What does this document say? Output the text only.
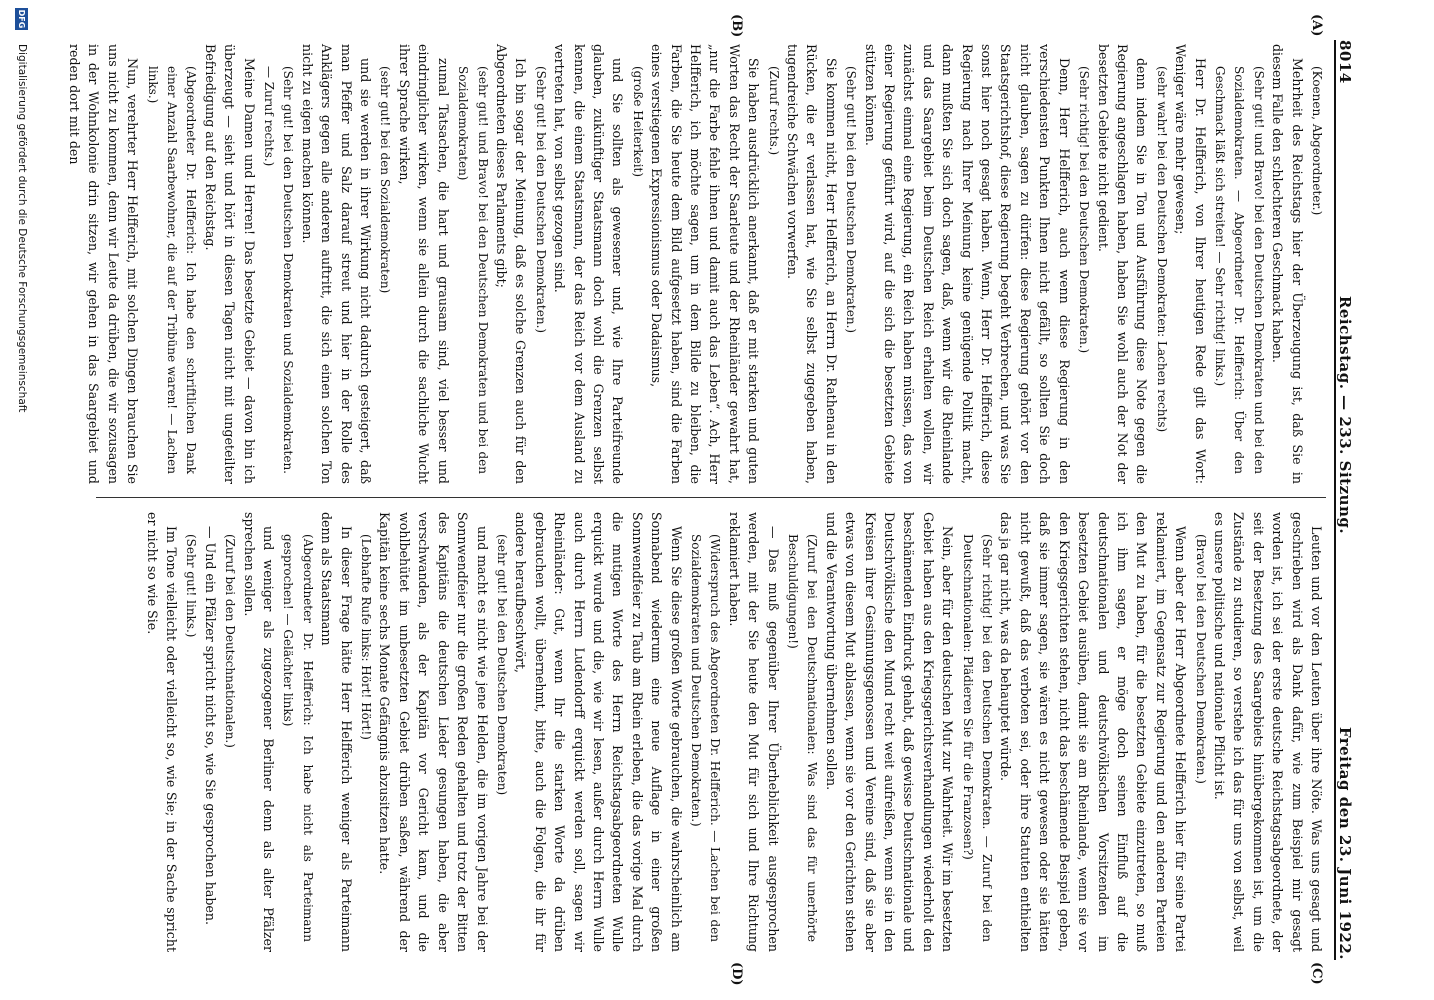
8014
Reichstag. — 233. Sitzung.
Freitag den 23. Juni 1922.
(A)
(B)
(C)
(D)

(Koenen, Abgeordneter.)

Mehrheit des Reichstags hier der Überzeugung ist, daß Sie in diesem Falle den schlechteren Geschmack haben.

(Sehr gut! und Bravo! bei den Deutschen Demokraten und bei den Sozialdemokraten. — Abgeordneter Dr. Helfferich: Über den Geschmack läßt sich streiten! — Sehr richtig! links.)

Herr Dr. Helfferich, von Ihrer heutigen Rede gilt das Wort: Weniger wäre mehr gewesen;

(sehr wahr! bei den Deutschen Demokraten: Lachen rechts)

denn indem Sie in Ton und Ausführung diese Note gegen die Regierung angeschlagen haben, haben Sie wohl auch der Not der besetzten Gebiete nicht gedient.

(Sehr richtig! bei den Deutschen Demokraten.)

Denn, Herr Helfferich, auch wenn diese Regierung in den verschiedensten Punkten Ihnen nicht gefällt, so sollten Sie doch nicht glauben, sagen zu dürfen: diese Regierung gehört vor den Staatsgerichtshof, diese Regierung begeht Verbrechen, und was Sie sonst hier noch gesagt haben. Wenn, Herr Dr. Helfferich, diese Regierung nach Ihrer Meinung keine genügende Politik macht, dann mußten Sie sich doch sagen, daß, wenn wir die Rheinlande und das Saargebiet beim Deutschen Reich erhalten wollen, wir zunächst einmal eine Regierung, ein Reich haben müssen, das von einer Regierung geführt wird, auf die sich die besetzten Gebiete stützen können.

(Sehr gut! bei den Deutschen Demokraten.)

Sie kommen nicht, Herr Helfferich, an Herrn Dr. Rathenau in den Rücken, die er verlassen hat, wie Sie selbst zugegeben haben, tugendreiche Schwächen vorwerfen.

(Zuruf rechts.)

Sie haben ausdrücklich anerkannt, daß er mit starken und guten Worten das Recht der Saarleute und der Rheinländer gewahrt hat, „nur die Farbe fehle ihnen und damit auch das Leben“. Ach, Herr Helfferich, ich möchte sagen, um in dem Bilde zu bleiben, die Farben, die Sie heute dem Bild aufgesetzt haben, sind die Farben eines verstiegenen Expressionismus oder Dadaismus,

(große Heiterkeit)

und Sie sollten als gewesener und, wie Ihre Parteifreunde glauben, zukünftiger Staatsmann doch wohl die Grenzen selbst kennen, die einem Staatsmann, der das Reich vor dem Ausland zu vertreten hat, von selbst gezogen sind.

(Sehr gut! bei den Deutschen Demokraten.)

Ich bin sogar der Meinung, daß es solche Grenzen auch für den Abgeordneten dieses Parlaments gibt;

(sehr gut! und Bravo! bei den Deutschen Demokraten und bei den Sozialdemokraten)

zumal Tatsachen, die hart und grausam sind, viel besser und eindringlicher wirken, wenn sie allein durch die sachliche Wucht ihrer Sprache wirken,

(sehr gut! bei den Sozialdemokraten)

und sie werden in ihrer Wirkung nicht dadurch gesteigert, daß man Pfeffer und Salz darauf streut und hier in der Rolle des Anklägers gegen alle anderen auftritt, die sich einen solchen Ton nicht zu eigen machen können.

(Sehr gut! bei den Deutschen Demokraten und Sozialdemokraten. — Zuruf rechts.)

Meine Damen und Herren! Das besetzte Gebiet — davon bin ich überzeugt — sieht und hört in diesen Tagen nicht mit ungeteilter Befriedigung auf den Reichstag.

(Abgeordneter Dr. Helfferich: Ich habe den schriftlichen Dank einer Anzahl Saarbewohner, die auf der Tribüne waren! — Lachen links.)

Nun, verehrter Herr Helfferich, mit solchen Dingen brauchen Sie uns nicht zu kommen, denn wir Leute da drüben, die wir sozusagen in der Wohnkolonie drin sitzen, wir gehen in das Saargebiet und reden dort mit den

Leuten und vor den Leuten über ihre Nöte. Was uns gesagt und geschrieben wird als Dank dafür, wie zum Beispiel mir gesagt worden ist, ich sei der erste deutsche Reichstagsabgeordnete, der seit der Besetzung des Saargebiets hinübergekommen ist, um die Zustände zu studieren, so verstehe ich das für uns von selbst, weil es unsere politische und nationale Pflicht ist.

(Bravo! bei den Deutschen Demokraten.)

Wenn aber der Herr Abgeordnete Helfferich hier für seine Partei reklamiert, im Gegensatz zur Regierung und den anderen Parteien den Mut zu haben, für die besetzten Gebiete einzutreten, so muß ich ihm sagen, er möge doch seinen Einfluß auf die deutschnationalen und deutschvölkischen Vorsitzenden im besetzten Gebiet ausüben, damit sie am Rheinlande, wenn sie vor den Kriegsgerichten stehen, nicht das beschämende Beispiel geben, daß sie immer sagen, sie wären es nicht gewesen oder sie hätten nicht gewußt, daß das verboten sei, oder ihre Statuten enthielten das ja gar nicht, was da behauptet würde.

(Sehr richtig! bei den Deutschen Demokraten. — Zuruf bei den Deutschnationalen: Plädieren Sie für die Franzosen?)

Nein, aber für den deutschen Mut zur Wahrheit. Wir im besetzten Gebiet haben aus den Kriegsgerichtsverhandlungen wiederholt den beschämenden Eindruck gehabt, daß gewisse Deutschnationale und Deutschvölkische den Mund recht weit aufreißen, wenn sie in den Kreisen ihrer Gesinnungsgenossen und Vereine sind, daß sie aber etwas von diesem Mut ablassen, wenn sie vor den Gerichten stehen und die Verantwortung übernehmen sollen.

(Zuruf bei den Deutschnationalen: Was sind das für unerhörte Beschuldigungen!)

— Das muß gegenüber Ihrer Überheblichkeit ausgesprochen werden, mit der Sie heute den Mut für sich und Ihre Richtung reklamiert haben.

(Widerspruch des Abgeordneten Dr. Helfferich. — Lachen bei den Sozialdemokraten und Deutschen Demokraten.)

Wenn Sie diese großen Worte gebrauchen, die wahrscheinlich am Sonnabend wiederum eine neue Auflage in einer großen Sonnwendfeier zu Taub am Rhein erleben, die das vorige Mal durch die mutigen Worte des Herrn Reichstagsabgeordneten Wulle erquickt wurde und die, wie wir lesen, außer durch Herrn Wulle auch durch Herrn Ludendorff erquickt werden soll, sagen wir Rheinländer: Gut, wenn Ihr die starken Worte da drüben gebrauchen wollt, übernehmt, bitte, auch die Folgen, die ihr für andere heraufbeschwört,

(sehr gut! bei den Deutschen Demokraten)

und macht es nicht wie jene Helden, die im vorigen Jahre bei der Sonnwendfeier nur die großen Reden gehalten und trotz der Bitten des Kapitäns die deutschen Lieder gesungen haben, die aber verschwanden, als der Kapitän vor Gericht kam, und die wohlbehütet im unbesetzten Gebiet drüben saßen, während der Kapitän keine sechs Monate Gefängnis abzusitzen hatte.

(Lebhafte Rufe links: Hört! Hört!)

In dieser Frage hätte Herr Helfferich weniger als Parteimann denn als Staatsmann

(Abgeordneter Dr. Helfferich: Ich habe nicht als Parteimann gesprochen! — Gelächter links)

und weniger als zugezogener Berliner denn als alter Pfälzer sprechen sollen.

(Zuruf bei den Deutschnationalen.)

— Und ein Pfälzer spricht nicht so, wie Sie gesprochen haben.

(Sehr gut! links.)

Im Tone vielleicht oder vielleicht so, wie Sie; in der Sache spricht er nicht so wie Sie.

DFG
Digitalisierung gefördert durch die Deutsche Forschungsgemeinschaft
